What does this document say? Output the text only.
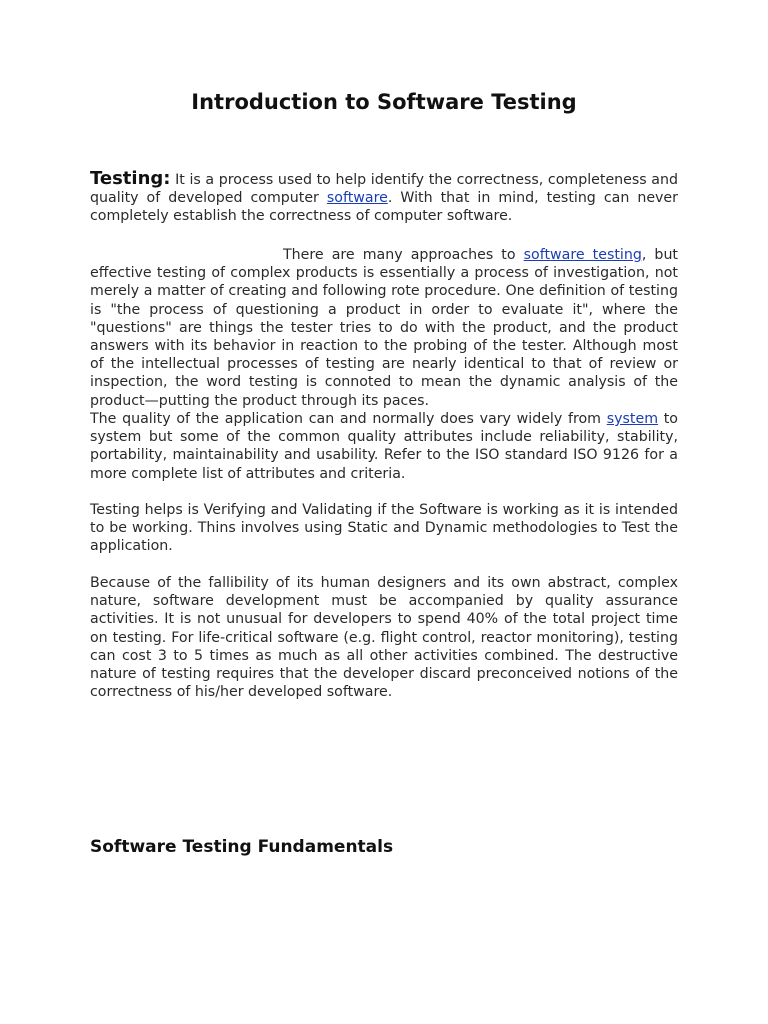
Introduction to Software Testing

Testing: It is a process used to help identify the correctness, completeness and quality of developed computer software. With that in mind, testing can never completely establish the correctness of computer software.

There are many approaches to software testing, but effective testing of complex products is essentially a process of investigation, not merely a matter of creating and following rote procedure. One definition of testing is "the process of questioning a product in order to evaluate it", where the "questions" are things the tester tries to do with the product, and the product answers with its behavior in reaction to the probing of the tester. Although most of the intellectual processes of testing are nearly identical to that of review or inspection, the word testing is connoted to mean the dynamic analysis of the product—putting the product through its paces.

The quality of the application can and normally does vary widely from system to system but some of the common quality attributes include reliability, stability, portability, maintainability and usability. Refer to the ISO standard ISO 9126 for a more complete list of attributes and criteria.

Testing helps is Verifying and Validating if the Software is working as it is intended to be working. Thins involves using Static and Dynamic methodologies to Test the application.

Because of the fallibility of its human designers and its own abstract, complex nature, software development must be accompanied by quality assurance activities. It is not unusual for developers to spend 40% of the total project time on testing. For life-critical software (e.g. flight control, reactor monitoring), testing can cost 3 to 5 times as much as all other activities combined. The destructive nature of testing requires that the developer discard preconceived notions of the correctness of his/her developed software.

Software Testing Fundamentals
